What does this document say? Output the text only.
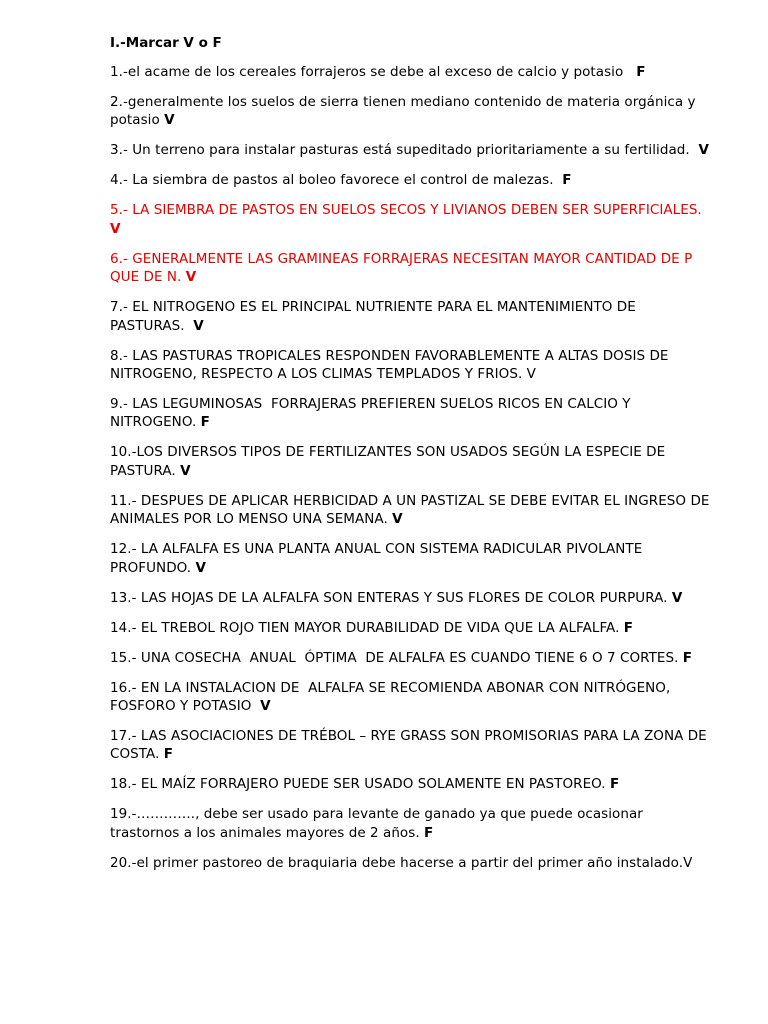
I.-Marcar V o F

1.-el acame de los cereales forrajeros se debe al exceso de calcio y potasio   F

2.-generalmente los suelos de sierra tienen mediano contenido de materia orgánica y potasio V

3.- Un terreno para instalar pasturas está supeditado prioritariamente a su fertilidad.  V

4.- La siembra de pastos al boleo favorece el control de malezas.  F

5.- LA SIEMBRA DE PASTOS EN SUELOS SECOS Y LIVIANOS DEBEN SER SUPERFICIALES. V

6.- GENERALMENTE LAS GRAMINEAS FORRAJERAS NECESITAN MAYOR CANTIDAD DE P QUE DE N. V

7.- EL NITROGENO ES EL PRINCIPAL NUTRIENTE PARA EL MANTENIMIENTO DE PASTURAS.  V

8.- LAS PASTURAS TROPICALES RESPONDEN FAVORABLEMENTE A ALTAS DOSIS DE NITROGENO, RESPECTO A LOS CLIMAS TEMPLADOS Y FRIOS. V

9.- LAS LEGUMINOSAS  FORRAJERAS PREFIEREN SUELOS RICOS EN CALCIO Y NITROGENO. F

10.-LOS DIVERSOS TIPOS DE FERTILIZANTES SON USADOS SEGÚN LA ESPECIE DE PASTURA. V

11.- DESPUES DE APLICAR HERBICIDAD A UN PASTIZAL SE DEBE EVITAR EL INGRESO DE ANIMALES POR LO MENSO UNA SEMANA. V

12.- LA ALFALFA ES UNA PLANTA ANUAL CON SISTEMA RADICULAR PIVOLANTE PROFUNDO. V

13.- LAS HOJAS DE LA ALFALFA SON ENTERAS Y SUS FLORES DE COLOR PURPURA. V

14.- EL TREBOL ROJO TIEN MAYOR DURABILIDAD DE VIDA QUE LA ALFALFA. F

15.- UNA COSECHA  ANUAL  ÓPTIMA  DE ALFALFA ES CUANDO TIENE 6 O 7 CORTES. F

16.- EN LA INSTALACION DE  ALFALFA SE RECOMIENDA ABONAR CON NITRÓGENO, FOSFORO Y POTASIO  V

17.- LAS ASOCIACIONES DE TRÉBOL – RYE GRASS SON PROMISORIAS PARA LA ZONA DE COSTA. F

18.- EL MAÍZ FORRAJERO PUEDE SER USADO SOLAMENTE EN PASTOREO. F

19.-…………., debe ser usado para levante de ganado ya que puede ocasionar trastornos a los animales mayores de 2 años. F

20.-el primer pastoreo de braquiaria debe hacerse a partir del primer año instalado.V
